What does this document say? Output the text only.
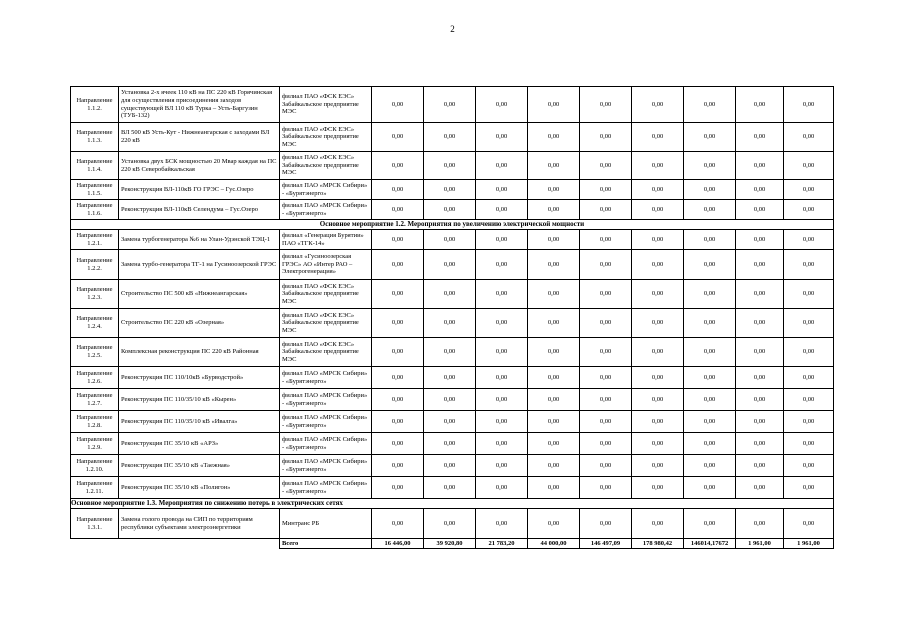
2
Направление 1.1.2.	Установка 2-х ячеек 110 кВ на ПС 220 кВ Горячинская для осуществления присоединения заходов существующей ВЛ 110 кВ Турка – Усть-Баргузин (ТУБ-132)	филиал ПАО «ФСК ЕЭС» Забайкальское предприятие МЭС	0,00	0,00	0,00	0,00	0,00	0,00	0,00	0,00	0,00
Направление 1.1.3.	ВЛ 500 кВ Усть-Кут - Нижнеангарская с заходами ВЛ 220 кВ	филиал ПАО «ФСК ЕЭС» Забайкальское предприятие МЭС	0,00	0,00	0,00	0,00	0,00	0,00	0,00	0,00	0,00
Направление 1.1.4.	Установка двух БСК мощностью 20 Мвар каждая на ПС 220 кВ Северобайкальская	филиал ПАО «ФСК ЕЭС» Забайкальское предприятие МЭС	0,00	0,00	0,00	0,00	0,00	0,00	0,00	0,00	0,00
Направление 1.1.5.	Реконструкция ВЛ-110кВ ГО ГРЭС – Гус.Озеро	филиал ПАО «МРСК Сибири» - «Бурятэнерго»	0,00	0,00	0,00	0,00	0,00	0,00	0,00	0,00	0,00
Направление 1.1.6.	Реконструкция ВЛ-110кВ Селендума – Гус.Озеро	филиал ПАО «МРСК Сибири» - «Бурятэнерго»	0,00	0,00	0,00	0,00	0,00	0,00	0,00	0,00	0,00
Основное мероприятие 1.2. Мероприятия по увеличению электрической мощности											
Направление 1.2.1.	Замена турбогенератора №6 на Улан-Удэнской ТЭЦ-1	филиал «Генерация Бурятии» ПАО «ТГК-14»	0,00	0,00	0,00	0,00	0,00	0,00	0,00	0,00	0,00
Направление 1.2.2.	Замена турбо-генератора ТГ-1 на Гусиноозерской ГРЭС	филиал «Гусиноозерская ГРЭС» АО «Интер РАО – Электрогенерация»	0,00	0,00	0,00	0,00	0,00	0,00	0,00	0,00	0,00
Направление 1.2.3.	Строительство ПС 500 кВ «Нижнеангарская»	филиал ПАО «ФСК ЕЭС» Забайкальское предприятие МЭС	0,00	0,00	0,00	0,00	0,00	0,00	0,00	0,00	0,00
Направление 1.2.4.	Строительство ПС 220 кВ «Озерная»	филиал ПАО «ФСК ЕЭС» Забайкальское предприятие МЭС	0,00	0,00	0,00	0,00	0,00	0,00	0,00	0,00	0,00
Направление 1.2.5.	Комплексная реконструкция ПС 220 кВ Районная	филиал ПАО «ФСК ЕЭС» Забайкальское предприятие МЭС	0,00	0,00	0,00	0,00	0,00	0,00	0,00	0,00	0,00
Направление 1.2.6.	Реконструкция ПС 110/10кВ «Бурводстрой»	филиал ПАО «МРСК Сибири» - «Бурятэнерго»	0,00	0,00	0,00	0,00	0,00	0,00	0,00	0,00	0,00
Направление 1.2.7.	Реконструкция ПС 110/35/10 кВ «Кырен»	филиал ПАО «МРСК Сибири» - «Бурятэнерго»	0,00	0,00	0,00	0,00	0,00	0,00	0,00	0,00	0,00
Направление 1.2.8.	Реконструкция ПС 110/35/10 кВ «Ивалга»	филиал ПАО «МРСК Сибири» - «Бурятэнерго»	0,00	0,00	0,00	0,00	0,00	0,00	0,00	0,00	0,00
Направление 1.2.9.	Реконструкция ПС 35/10 кВ «АРЗ»	филиал ПАО «МРСК Сибири» - «Бурятэнерго»	0,00	0,00	0,00	0,00	0,00	0,00	0,00	0,00	0,00
Направление 1.2.10.	Реконструкция ПС 35/10 кВ «Таежная»	филиал ПАО «МРСК Сибири» - «Бурятэнерго»	0,00	0,00	0,00	0,00	0,00	0,00	0,00	0,00	0,00
Направление 1.2.11.	Реконструкция ПС 35/10 кВ «Полигон»	филиал ПАО «МРСК Сибири» - «Бурятэнерго»	0,00	0,00	0,00	0,00	0,00	0,00	0,00	0,00	0,00
Основное мероприятие 1.3. Мероприятия по снижению потерь в электрических сетях											
Направление 1.3.1.	Замена голого провода на СИП по территориям республики субъектами электроэнергетики	Минтранс РБ	0,00	0,00	0,00	0,00	0,00	0,00	0,00	0,00	0,00
		Всего	16 446,00	39 920,80	21 783,20	44 000,00	146 497,09	178 980,42	146014,17672	1 961,00	1 961,00
